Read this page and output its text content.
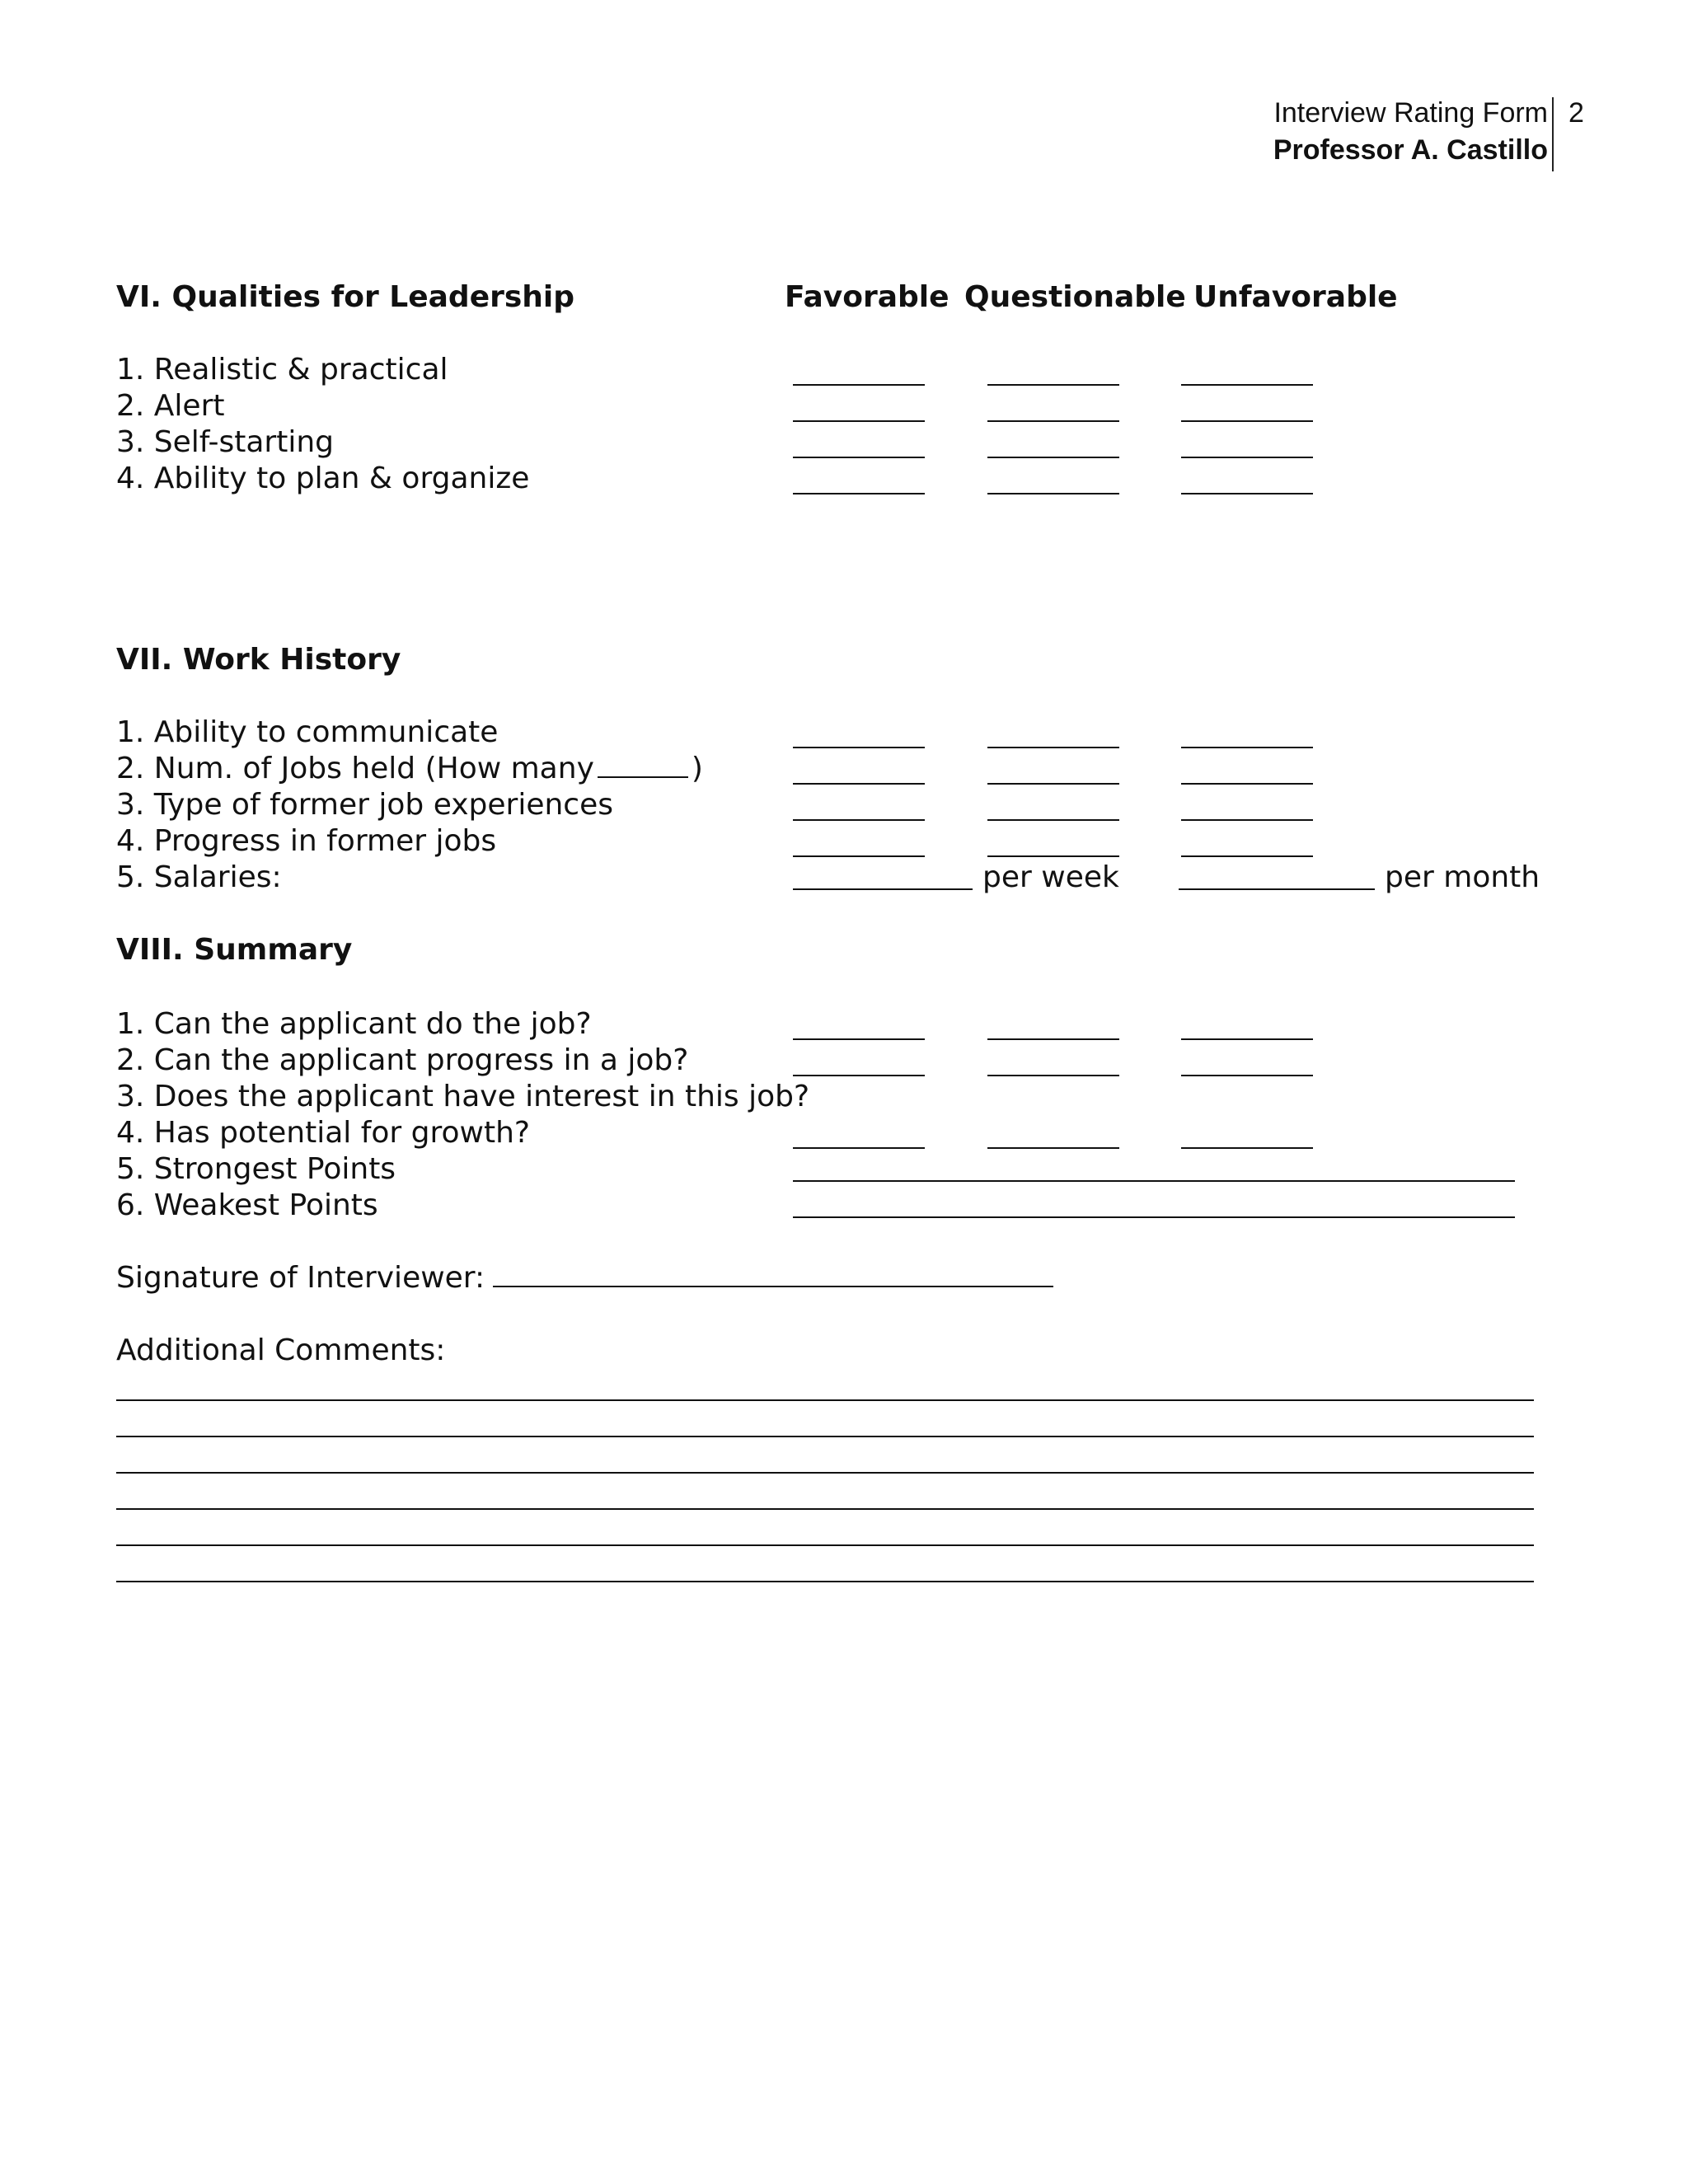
Interview Rating Form
Professor A. Castillo
2
VI. Qualities for Leadership	Favorable Questionable Unfavorable
1. Realistic & practical
2. Alert
3. Self-starting
4. Ability to plan & organize
VII. Work History
1. Ability to communicate
2. Num. of Jobs held (How many	)
3. Type of former job experiences
4. Progress in former jobs
5. Salaries:	per week	per month
VIII. Summary
1. Can the applicant do the job?
2. Can the applicant progress in a job?
3. Does the applicant have interest in this job?
4. Has potential for growth?
5. Strongest Points
6. Weakest Points
Signature of Interviewer:
Additional Comments:
